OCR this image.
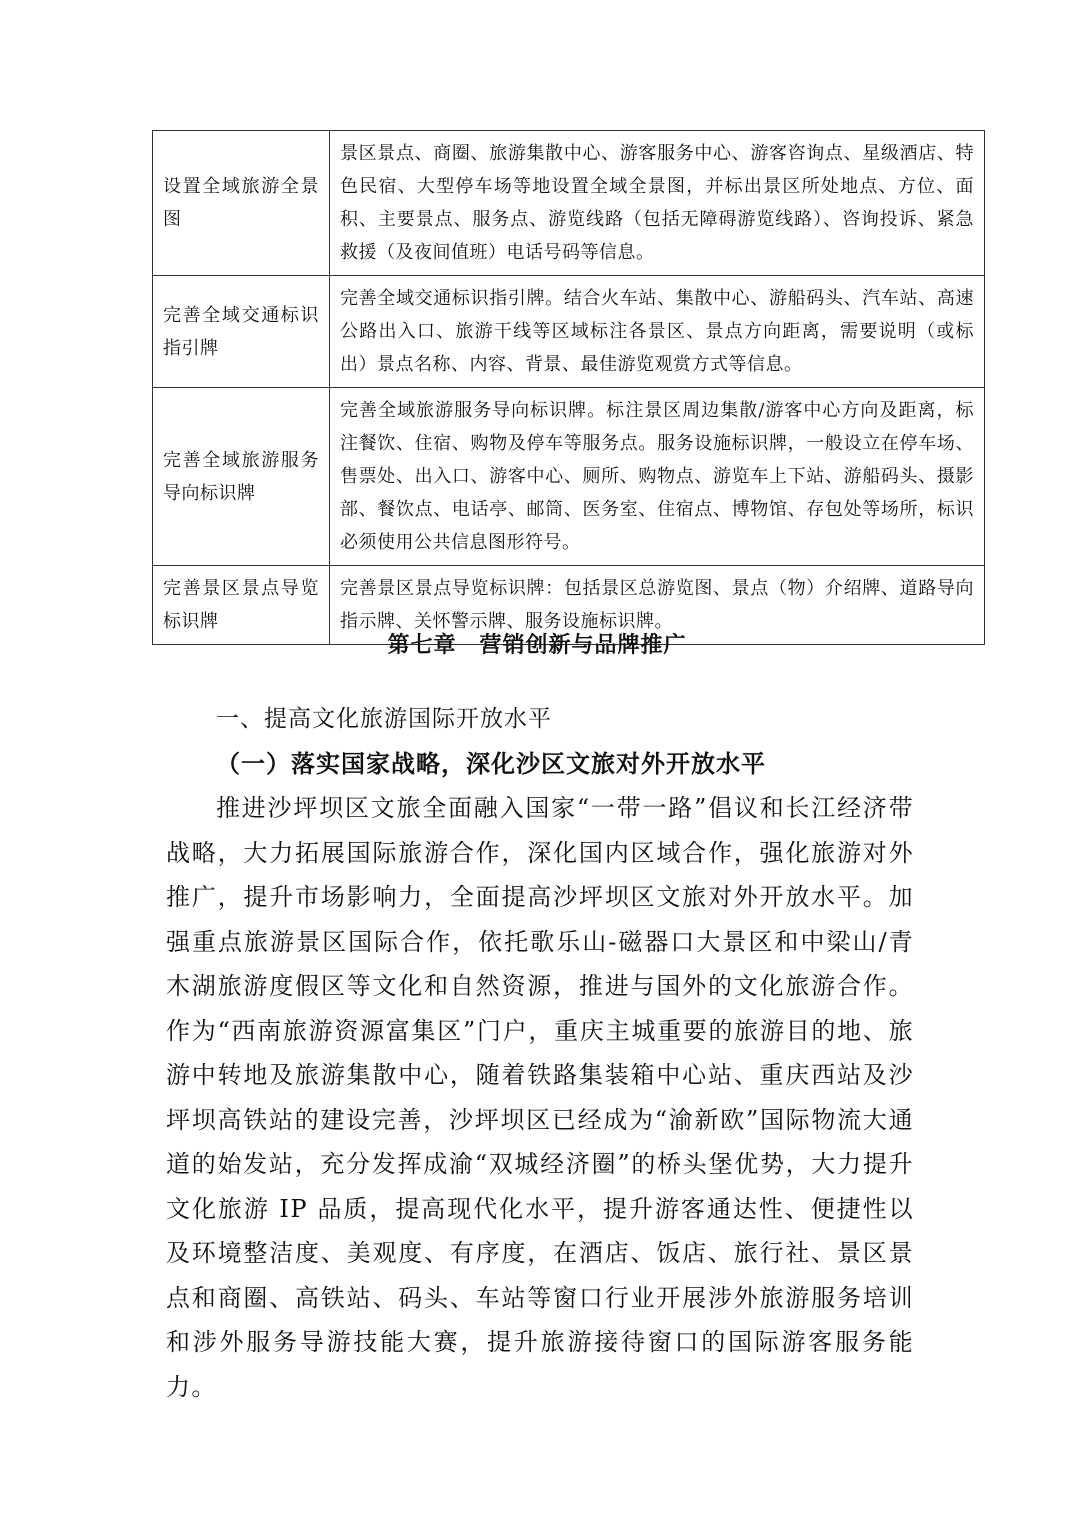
设置全域旅游全景图	景区景点、商圈、旅游集散中心、游客服务中心、游客咨询点、星级酒店、特色民宿、大型停车场等地设置全域全景图，并标出景区所处地点、方位、面积、主要景点、服务点、游览线路（包括无障碍游览线路）、咨询投诉、紧急救援（及夜间值班）电话号码等信息。
完善全域交通标识指引牌	完善全域交通标识指引牌。结合火车站、集散中心、游船码头、汽车站、高速公路出入口、旅游干线等区域标注各景区、景点方向距离，需要说明（或标出）景点名称、内容、背景、最佳游览观赏方式等信息。
完善全域旅游服务导向标识牌	完善全域旅游服务导向标识牌。标注景区周边集散/游客中心方向及距离，标注餐饮、住宿、购物及停车等服务点。服务设施标识牌，一般设立在停车场、售票处、出入口、游客中心、厕所、购物点、游览车上下站、游船码头、摄影部、餐饮点、电话亭、邮筒、医务室、住宿点、博物馆、存包处等场所，标识必须使用公共信息图形符号。
完善景区景点导览标识牌	完善景区景点导览标识牌：包括景区总游览图、景点（物）介绍牌、道路导向指示牌、关怀警示牌、服务设施标识牌。
第七章　营销创新与品牌推广
一、提高文化旅游国际开放水平
（一）落实国家战略，深化沙区文旅对外开放水平

推进沙坪坝区文旅全面融入国家“一带一路”倡议和长江经济带战略，大力拓展国际旅游合作，深化国内区域合作，强化旅游对外推广，提升市场影响力，全面提高沙坪坝区文旅对外开放水平。加强重点旅游景区国际合作，依托歌乐山-磁器口大景区和中梁山/青木湖旅游度假区等文化和自然资源，推进与国外的文化旅游合作。作为“西南旅游资源富集区”门户，重庆主城重要的旅游目的地、旅游中转地及旅游集散中心，随着铁路集装箱中心站、重庆西站及沙坪坝高铁站的建设完善，沙坪坝区已经成为“渝新欧”国际物流大通道的始发站，充分发挥成渝“双城经济圈”的桥头堡优势，大力提升文化旅游 IP 品质，提高现代化水平，提升游客通达性、便捷性以及环境整洁度、美观度、有序度，在酒店、饭店、旅行社、景区景点和商圈、高铁站、码头、车站等窗口行业开展涉外旅游服务培训和涉外服务导游技能大赛，提升旅游接待窗口的国际游客服务能力。
